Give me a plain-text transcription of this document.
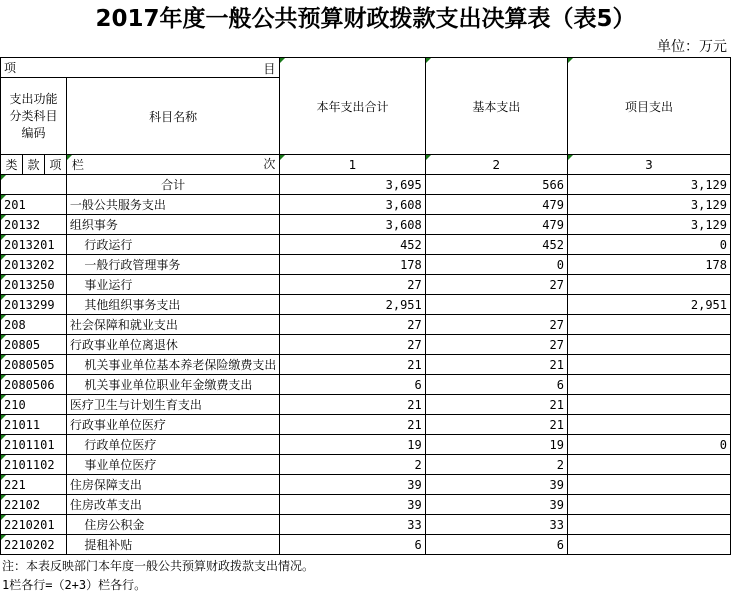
2017年度一般公共预算财政拨款支出决算表（表5）
单位：万元
项 目				本年支出合计	基本支出	项目支出
支出功能分类科目编码			科目名称			
类	款	项				
			栏 次	1	2	3
			合计	3,695	566	3,129
201			一般公共服务支出	3,608	479	3,129
20132			组织事务	3,608	479	3,129
2013201			行政运行	452	452	0
2013202			一般行政管理事务	178	0	178
2013250			事业运行	27	27	
2013299			其他组织事务支出	2,951		2,951
208			社会保障和就业支出	27	27	
20805			行政事业单位离退休	27	27	
2080505			机关事业单位基本养老保险缴费支出	21	21	
2080506			机关事业单位职业年金缴费支出	6	6	
210			医疗卫生与计划生育支出	21	21	
21011			行政事业单位医疗	21	21	
2101101			行政单位医疗	19	19	0
2101102			事业单位医疗	2	2	
221			住房保障支出	39	39	
22102			住房改革支出	39	39	
2210201			住房公积金	33	33	
2210202			提租补贴	6	6	
注：本表反映部门本年度一般公共预算财政拨款支出情况。
1栏各行=（2+3）栏各行。
